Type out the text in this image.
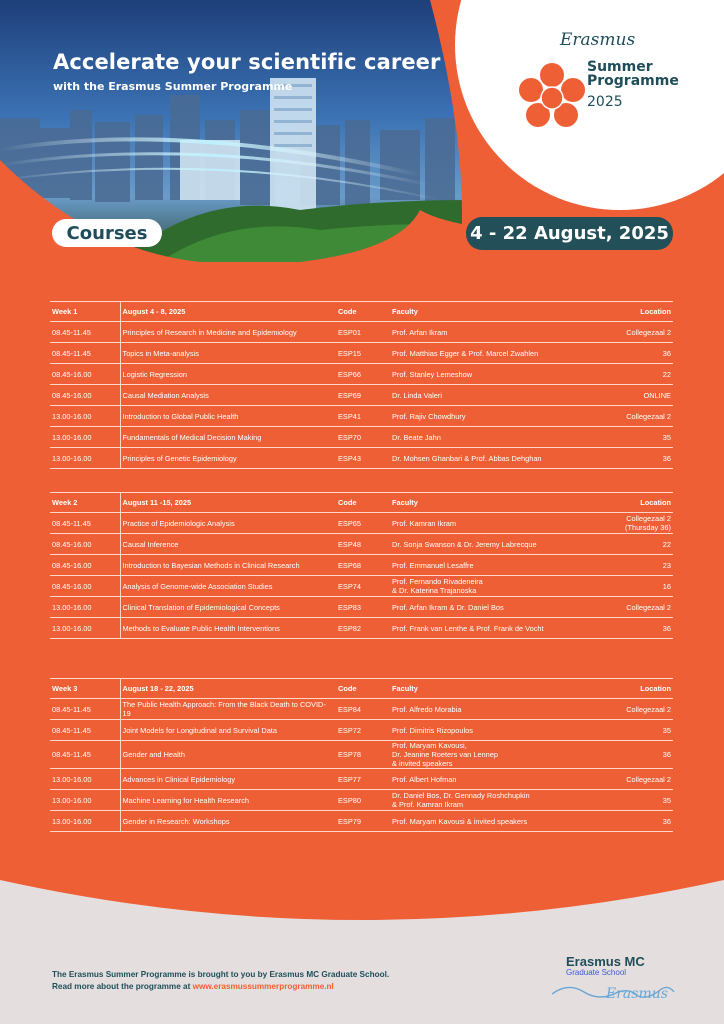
Accelerate your scientific career

with the Erasmus Summer Programme

Erasmus
Summer
Programme
2025
Courses	4 - 22 August, 2025
Week 1	August 4 - 8, 2025	Code	Faculty	Location
08.45-11.45	Principles of Research in Medicine and Epidemiology	ESP01	Prof. Arfan Ikram	Collegezaal 2
08.45-11.45	Topics in Meta-analysis	ESP15	Prof. Matthias Egger & Prof. Marcel Zwahlen	36
08.45-16.00	Logistic Regression	ESP66	Prof. Stanley Lemeshow	22
08.45-16.00	Causal Mediation Analysis	ESP69	Dr. Linda Valeri	ONLINE
13.00-16.00	Introduction to Global Public Health	ESP41	Prof. Rajiv Chowdhury	Collegezaal 2
13.00-16.00	Fundamentals of Medical Decision Making	ESP70	Dr. Beate Jahn	35
13.00-16.00	Principles of Genetic Epidemiology	ESP43	Dr. Mohsen Ghanbari & Prof. Abbas Dehghan	36
Week 2	August 11 -15, 2025	Code	Faculty	Location
08.45-11.45	Practice of Epidemiologic Analysis	ESP65	Prof. Kamran Ikram	Collegezaal 2
(Thursday 36)
08.45-16.00	Causal Inference	ESP48	Dr. Sonja Swanson & Dr. Jeremy Labrecque	22
08.45-16.00	Introduction to Bayesian Methods in Clinical Research	ESP68	Prof. Emmanuel Lesaffre	23
08.45-16.00	Analysis of Genome-wide Association Studies	ESP74	Prof. Fernando Rivadeneira
& Dr. Katerina Trajanoska	16
13.00-16.00	Clinical Translation of Epidemiological Concepts	ESP83	Prof. Arfan Ikram & Dr. Daniel Bos	Collegezaal 2
13.00-16.00	Methods to Evaluate Public Health Interventions	ESP82	Prof. Frank van Lenthe & Prof. Frank de Vocht	36
Week 3	August 18 - 22, 2025	Code	Faculty	Location
08.45-11.45	The Public Health Approach: From the Black Death to COVID-19	ESP84	Prof. Alfredo Morabia	Collegezaal 2
08.45-11.45	Joint Models for Longitudinal and Survival Data	ESP72	Prof. Dimitris Rizopoulos	35
08.45-11.45	Gender and Health	ESP78	Prof. Maryam Kavousi,
Dr. Jeanine Roeters van Lennep
& invited speakers	36
13.00-16.00	Advances in Clinical Epidemiology	ESP77	Prof. Albert Hofman	Collegezaal 2
13.00-16.00	Machine Learning for Health Research	ESP80	Dr. Daniel Bos, Dr. Gennady Roshchupkin
& Prof. Kamran Ikram	35
13.00-16.00	Gender in Research: Workshops	ESP79	Prof. Maryam Kavousi & invited speakers	36
The Erasmus Summer Programme is brought to you by Erasmus MC Graduate School.
Read more about the programme at www.erasmussummerprogramme.nl
Erasmus MC
Graduate School
Erasmus
